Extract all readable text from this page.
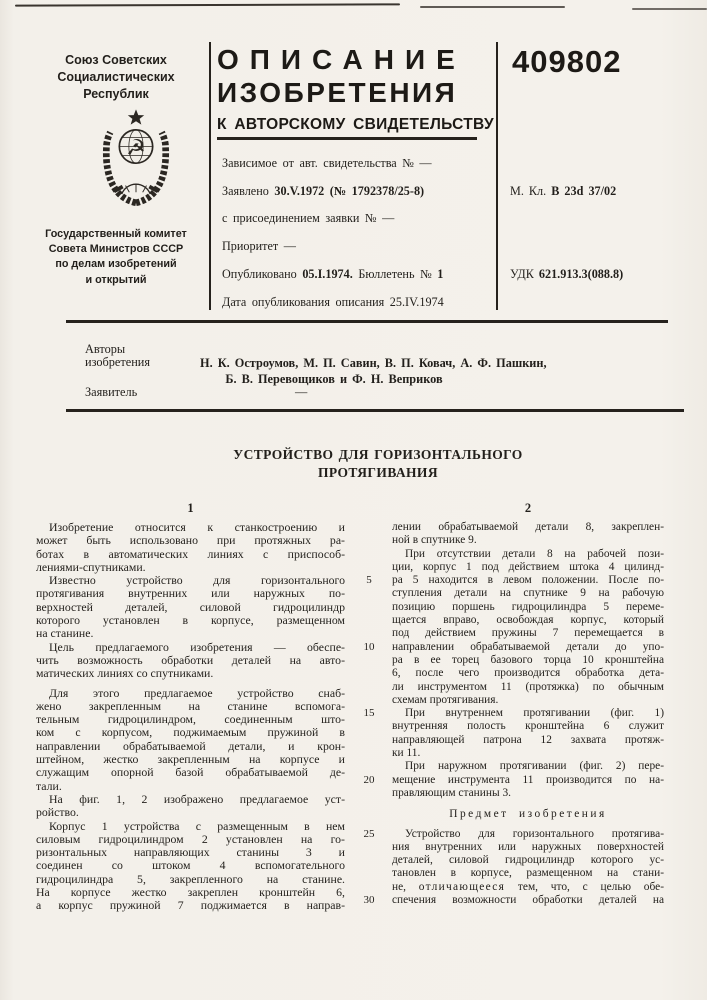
Союз Советских
Социалистических
Республик
☭
Государственный комитет
Совета Министров СССР
по делам изобретений
и открытий
ОПИСАНИЕ
ИЗОБРЕТЕНИЯ
К АВТОРСКОМУ СВИДЕТЕЛЬСТВУ
409802
Зависимое от авт. свидетельства № —
Заявлено 30.V.1972 (№ 1792378/25-8)
с присоединением заявки № —
Приоритет —
Опубликовано 05.I.1974. Бюллетень № 1
Дата опубликования описания 25.IV.1974
М. Кл. В 23d 37/02
УДК 621.913.3(088.8)
Авторы
изобретения	Н. К. Остроумов, М. П. Савин, В. П. Ковач, А. Ф. Пашкин,
Б. В. Перевощиков и Ф. Н. Веприков
Заявитель	—
УСТРОЙСТВО ДЛЯ ГОРИЗОНТАЛЬНОГО
ПРОТЯГИВАНИЯ
1	2
Изобретение относится к станкостроению и
может быть использовано при протяжных ра-
ботах в автоматических линиях с приспособ-
лениями-спутниками.
Известно устройство для горизонтального
протягивания внутренних или наружных по-
верхностей деталей, силовой гидроцилиндр
которого установлен в корпусе, размещенном
на станине.
Цель предлагаемого изобретения — обеспе-
чить возможность обработки деталей на авто-
матических линиях со спутниками.

Для этого предлагаемое устройство снаб-
жено закрепленным на станине вспомога-
тельным гидроцилиндром, соединенным што-
ком с корпусом, поджимаемым пружиной в
направлении обрабатываемой детали, и крон-
штейном, жестко закрепленным на корпусе и
служащим опорной базой обрабатываемой де-
тали.
На фиг. 1, 2 изображено предлагаемое уст-
ройство.
Корпус 1 устройства с размещенным в нем
силовым гидроцилиндром 2 установлен на го-
ризонтальных направляющих станины 3 и
соединен со штоком 4 вспомогательного
гидроцилиндра 5, закрепленного на станине.
На корпусе жестко закреплен кронштейн 6,
а корпус пружиной 7 поджимается в направ-
лении обрабатываемой детали 8, закреплен-
ной в спутнике 9.
При отсутствии детали 8 на рабочей пози-
ции, корпус 1 под действием штока 4 цилинд-
ра 5 находится в левом положении. После по-
ступления детали на спутнике 9 на рабочую
позицию поршень гидроцилиндра 5 переме-
щается вправо, освобождая корпус, который
под действием пружины 7 перемещается в
направлении обрабатываемой детали до упо-
ра в ее торец базового торца 10 кронштейна
6, после чего производится обработка дета-
ли инструментом 11 (протяжка) по обычным
схемам протягивания.
При внутреннем протягивании (фиг. 1)
внутренняя полость кронштейна 6 служит
направляющей патрона 12 захвата протяж-
ки 11.
При наружном протягивании (фиг. 2) пере-
мещение инструмента 11 производится по на-
правляющим станины 3.
Предмет изобретения
Устройство для горизонтального протягива-
ния внутренних или наружных поверхностей
деталей, силовой гидроцилиндр которого ус-
тановлен в корпусе, размещенном на стани-
не, отличающееся тем, что, с целью обе-
спечения возможности обработки деталей на
5
10
15
20
25
30
